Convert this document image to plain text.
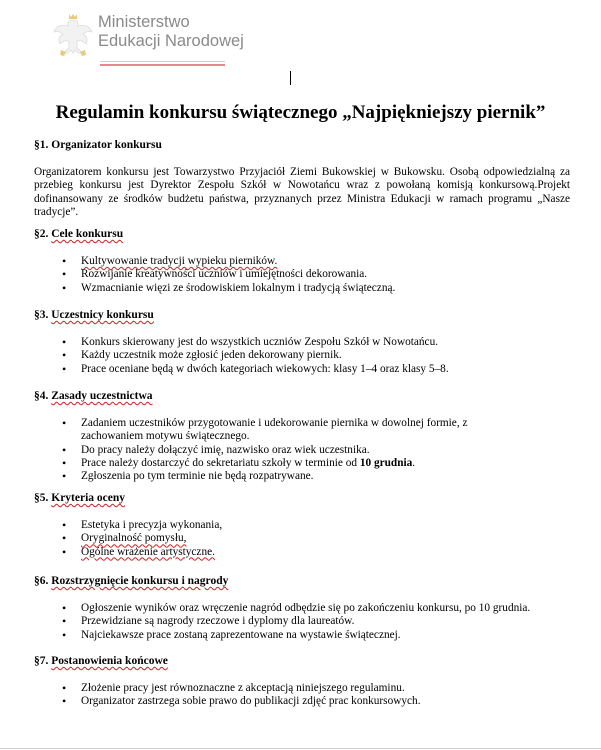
Ministerstwo
Edukacji Narodowej
Regulamin konkursu świątecznego „Najpiękniejszy piernik”
§1. Organizator konkursu

Organizatorem konkursu jest Towarzystwo Przyjaciół Ziemi Bukowskiej w Bukowsku. Osobą odpowiedzialną za przebieg konkursu jest Dyrektor Zespołu Szkół w Nowotańcu wraz z powołaną komisją konkursową.Projekt dofinansowany ze środków budżetu państwa, przyznanych przez Ministra Edukacji w ramach programu „Nasze tradycje”.

§2. Cele konkursu
• Kultywowanie tradycji wypieku pierników.
• Rozwijanie kreatywności uczniów i umiejętności dekorowania.
• Wzmacnianie więzi ze środowiskiem lokalnym i tradycją świąteczną.
§3. Uczestnicy konkursu
• Konkurs skierowany jest do wszystkich uczniów Zespołu Szkół w Nowotańcu.
• Każdy uczestnik może zgłosić jeden dekorowany piernik.
• Prace oceniane będą w dwóch kategoriach wiekowych: klasy 1–4 oraz klasy 5–8.
§4. Zasady uczestnictwa
• Zadaniem uczestników przygotowanie i udekorowanie piernika w dowolnej formie, z zachowaniem motywu świątecznego.
• Do pracy należy dołączyć imię, nazwisko oraz wiek uczestnika.
• Prace należy dostarczyć do sekretariatu szkoły w terminie od 10 grudnia.
• Zgłoszenia po tym terminie nie będą rozpatrywane.
§5. Kryteria oceny
• Estetyka i precyzja wykonania,
• Oryginalność pomysłu,
• Ogólne wrażenie artystyczne.
§6. Rozstrzygnięcie konkursu i nagrody
• Ogłoszenie wyników oraz wręczenie nagród odbędzie się po zakończeniu konkursu, po 10 grudnia.
• Przewidziane są nagrody rzeczowe i dyplomy dla laureatów.
• Najciekawsze prace zostaną zaprezentowane na wystawie świątecznej.
§7. Postanowienia końcowe
• Złożenie pracy jest równoznaczne z akceptacją niniejszego regulaminu.
• Organizator zastrzega sobie prawo do publikacji zdjęć prac konkursowych.
